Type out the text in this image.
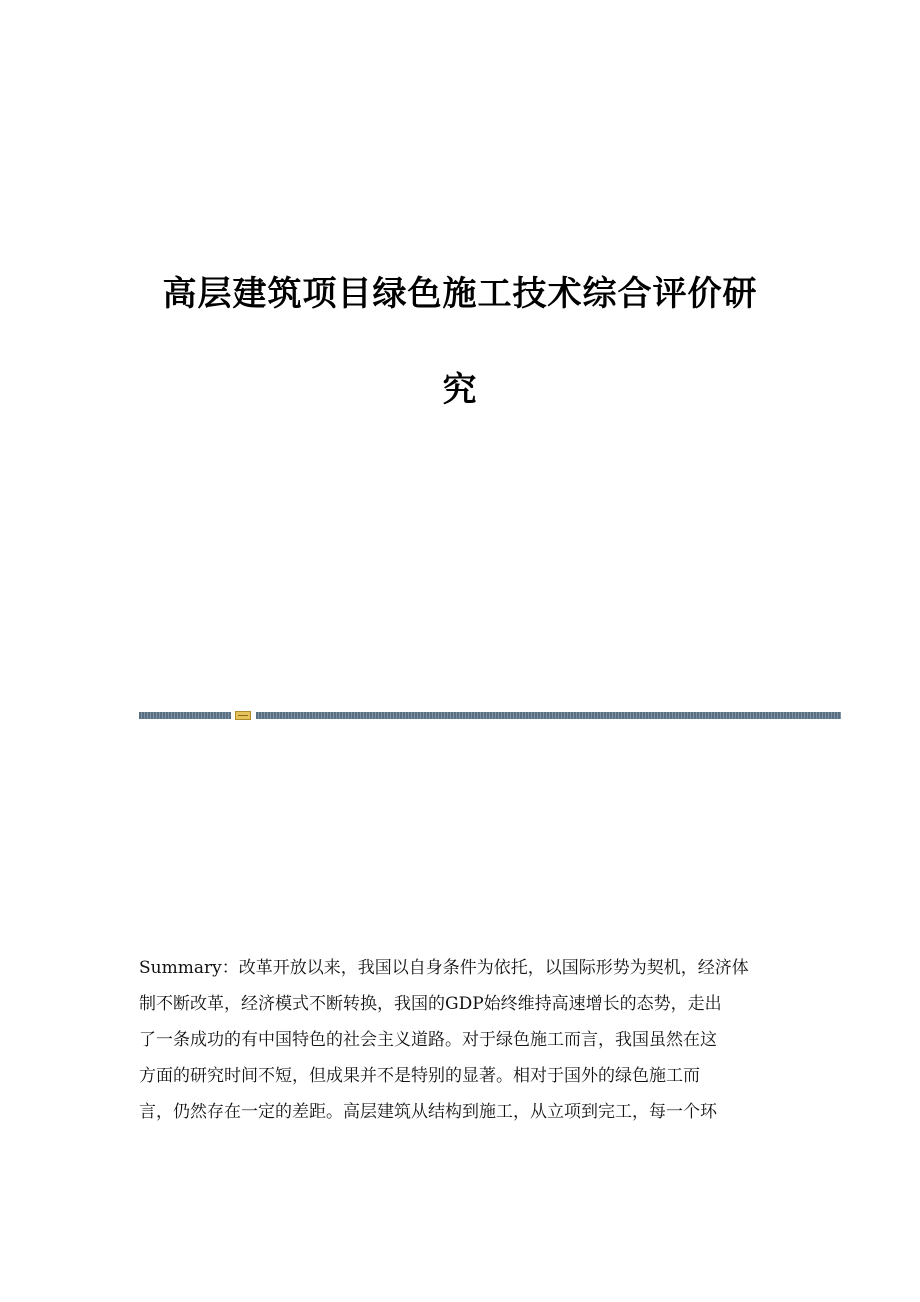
高层建筑项目绿色施工技术综合评价研
究
Summary：改革开放以来，我国以自身条件为依托，以国际形势为契机，经济体
制不断改革，经济模式不断转换，我国的GDP始终维持高速增长的态势，走出
了一条成功的有中国特色的社会主义道路。对于绿色施工而言，我国虽然在这
方面的研究时间不短，但成果并不是特别的显著。相对于国外的绿色施工而
言，仍然存在一定的差距。高层建筑从结构到施工，从立项到完工，每一个环
